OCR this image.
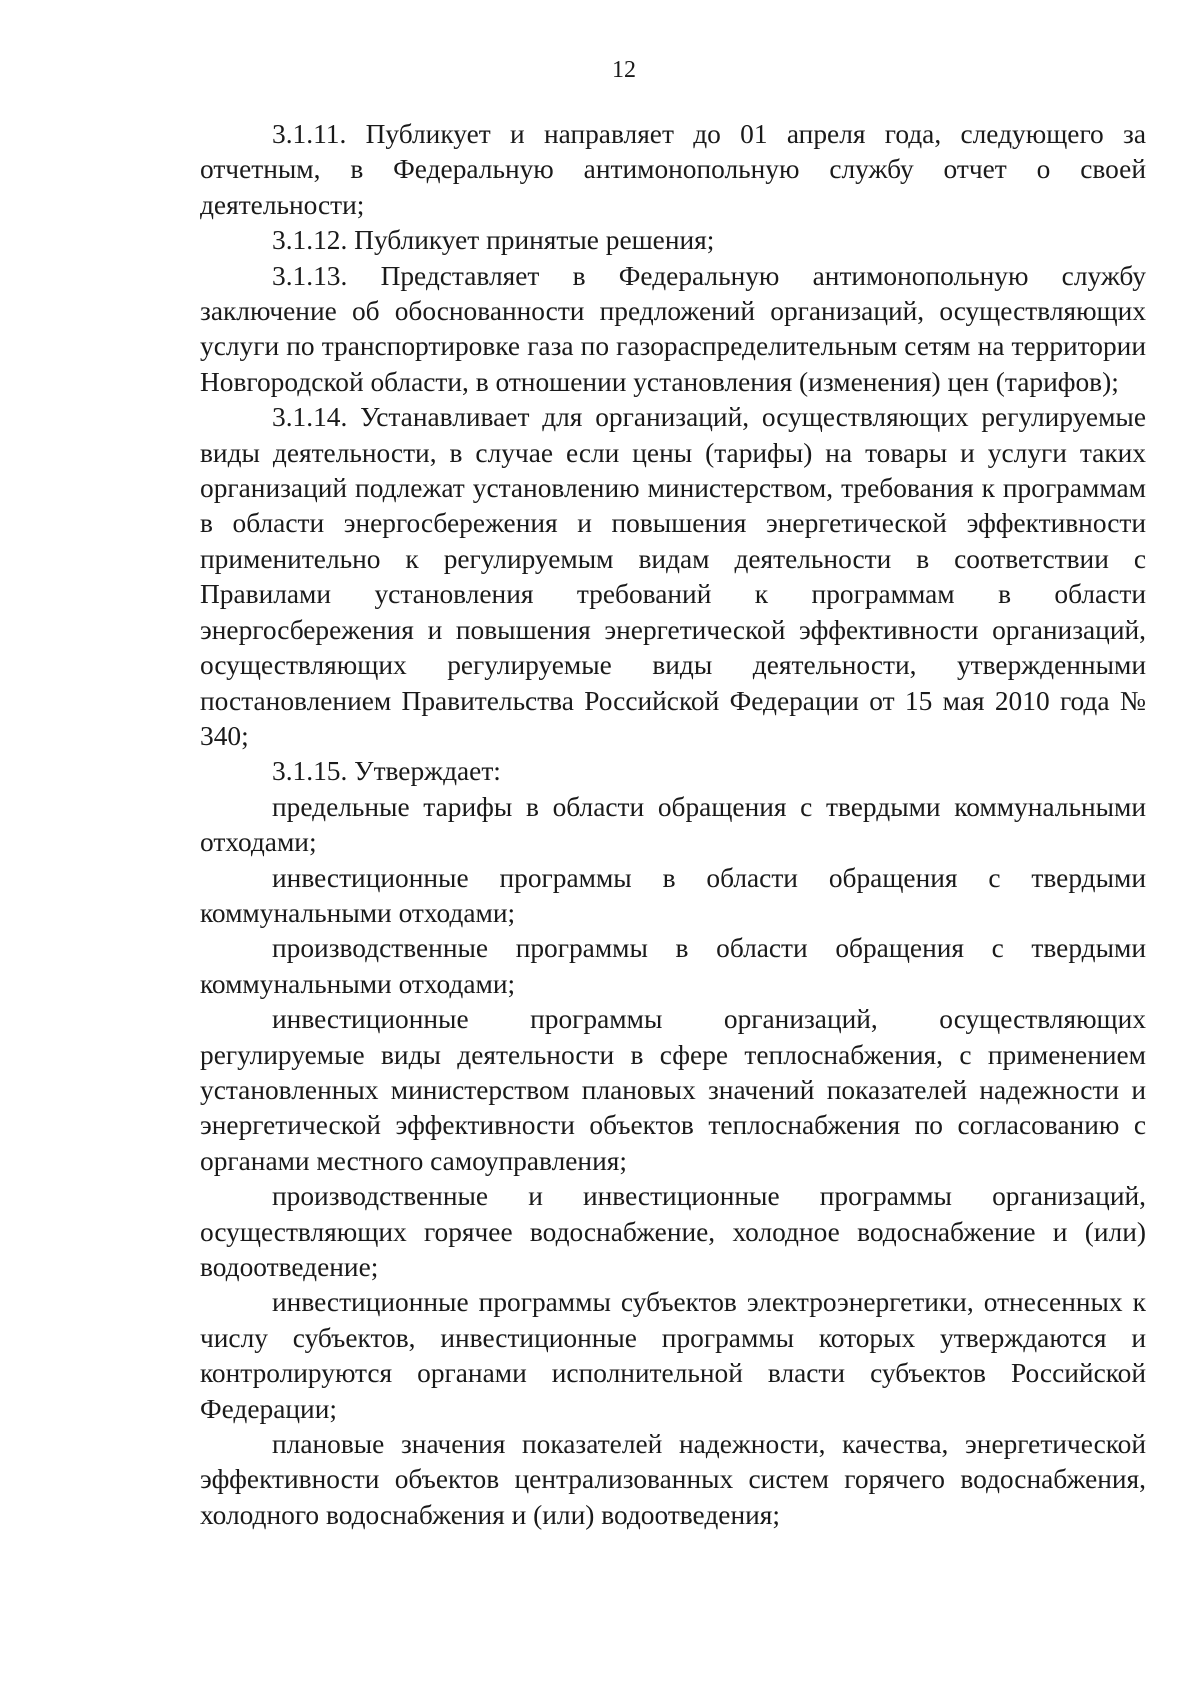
12

3.1.11. Публикует и направляет до 01 апреля года, следующего за отчетным, в Федеральную антимонопольную службу отчет о своей деятельности;

3.1.12. Публикует принятые решения;

3.1.13. Представляет в Федеральную антимонопольную службу заключение об обоснованности предложений организаций, осуществляющих услуги по транспортировке газа по газораспределительным сетям на территории Новгородской области, в отношении установления (изменения) цен (тарифов);

3.1.14. Устанавливает для организаций, осуществляющих регулируемые виды деятельности, в случае если цены (тарифы) на товары и услуги таких организаций подлежат установлению министерством, требования к программам в области энергосбережения и повышения энергетической эффективности применительно к регулируемым видам деятельности в соответствии с Правилами установления требований к программам в области энергосбережения и повышения энергетической эффективности организаций, осуществляющих регулируемые виды деятельности, утвержденными постановлением Правительства Российской Федерации от 15 мая 2010 года № 340;

3.1.15. Утверждает:

предельные тарифы в области обращения с твердыми коммунальными отходами;

инвестиционные программы в области обращения с твердыми коммунальными отходами;

производственные программы в области обращения с твердыми коммунальными отходами;

инвестиционные программы организаций, осуществляющих регулируемые виды деятельности в сфере теплоснабжения, с применением установленных министерством плановых значений показателей надежности и энергетической эффективности объектов теплоснабжения по согласованию с органами местного самоуправления;

производственные и инвестиционные программы организаций, осуществляющих горячее водоснабжение, холодное водоснабжение и (или) водоотведение;

инвестиционные программы субъектов электроэнергетики, отнесенных к числу субъектов, инвестиционные программы которых утверждаются и контролируются органами исполнительной власти субъектов Российской Федерации;

плановые значения показателей надежности, качества, энергетической эффективности объектов централизованных систем горячего водоснабжения, холодного водоснабжения и (или) водоотведения;
